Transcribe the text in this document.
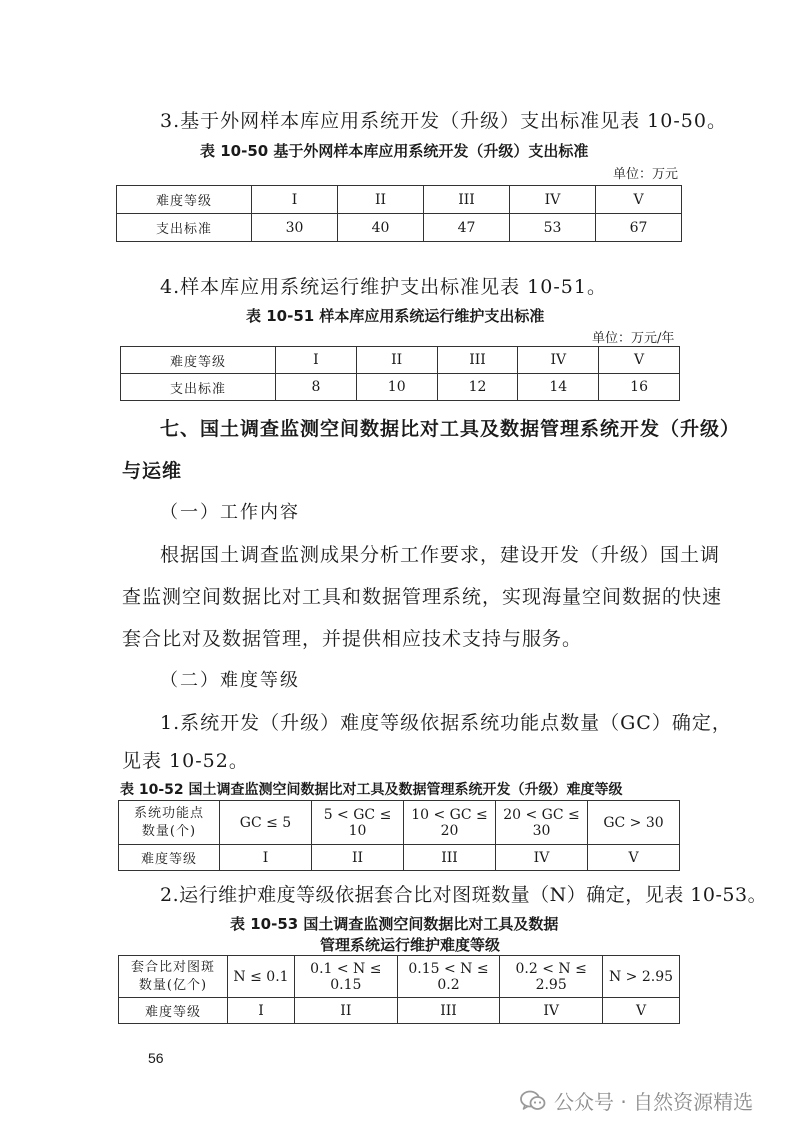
3.基于外网样本库应用系统开发（升级）支出标准见表 10-50。
表 10-50 基于外网样本库应用系统开发（升级）支出标准
单位：万元
难度等级	I	II	III	IV	V
支出标准	30	40	47	53	67
4.样本库应用系统运行维护支出标准见表 10-51。
表 10-51 样本库应用系统运行维护支出标准
单位：万元/年
难度等级	I	II	III	IV	V
支出标准	8	10	12	14	16
七、国土调查监测空间数据比对工具及数据管理系统开发（升级）
与运维
（一）工作内容
根据国土调查监测成果分析工作要求，建设开发（升级）国土调
查监测空间数据比对工具和数据管理系统，实现海量空间数据的快速
套合比对及数据管理，并提供相应技术支持与服务。
（二）难度等级
1.系统开发（升级）难度等级依据系统功能点数量（GC）确定，
见表 10-52。
表 10-52 国土调查监测空间数据比对工具及数据管理系统开发（升级）难度等级
系统功能点
数量(个)	GC ≤ 5	5 < GC ≤ 10	10 < GC ≤ 20	20 < GC ≤ 30	GC > 30
难度等级	I	II	III	IV	V
2.运行维护难度等级依据套合比对图斑数量（N）确定，见表 10-53。
表 10-53 国土调查监测空间数据比对工具及数据
管理系统运行维护难度等级
套合比对图斑
数量(亿个)	N ≤ 0.1	0.1 < N ≤ 0.15	0.15 < N ≤ 0.2	0.2 < N ≤ 2.95	N > 2.95
难度等级	I	II	III	IV	V
56
公众号 · 自然资源精选
